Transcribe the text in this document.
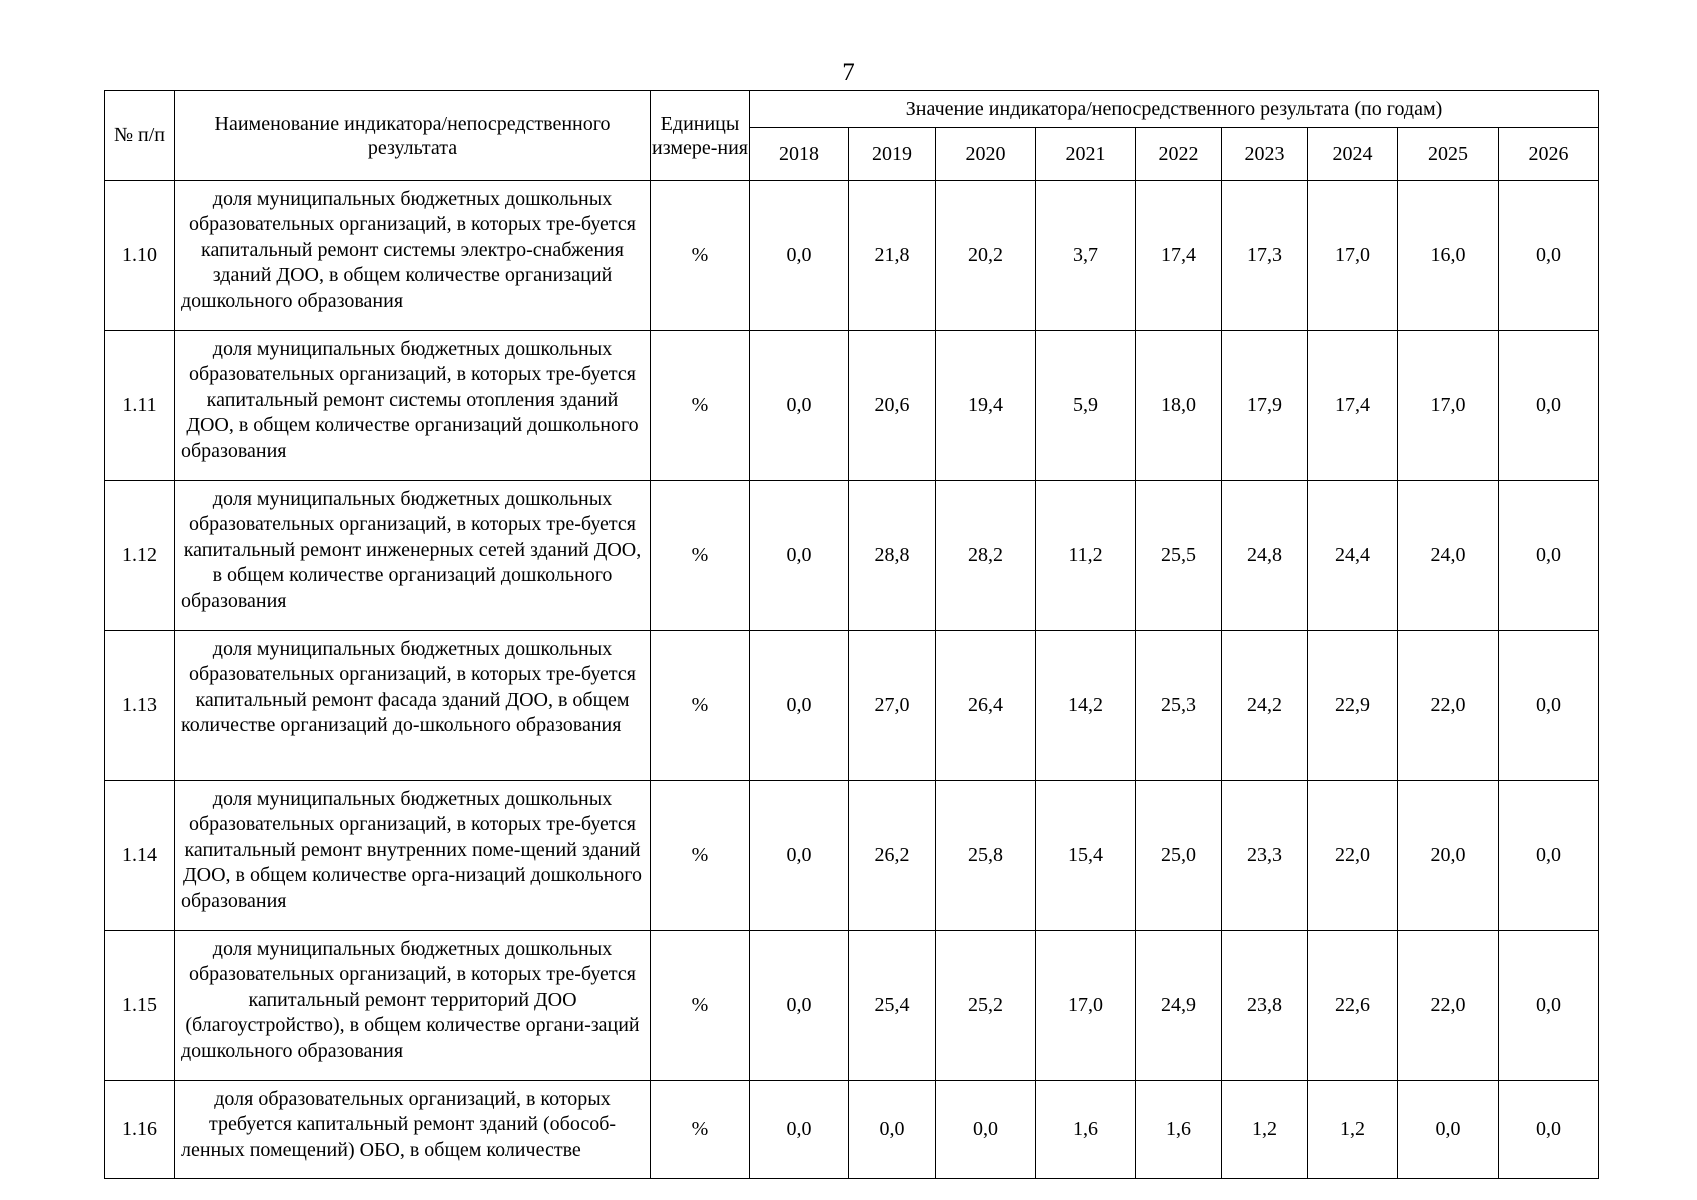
7
№ п/п	Наименование индикатора/непосредственного результата	Единицы измере-ния	Значение индикатора/непосредственного результата (по годам)								
			2018	2019	2020	2021	2022	2023	2024	2025	2026
1.10	доля муниципальных бюджетных дошкольных образовательных организаций, в которых тре-буется капитальный ремонт системы электро-снабжения зданий ДОО, в общем количестве организаций дошкольного образования	%	0,0	21,8	20,2	3,7	17,4	17,3	17,0	16,0	0,0
1.11	доля муниципальных бюджетных дошкольных образовательных организаций, в которых тре-буется капитальный ремонт системы отопления зданий ДОО, в общем количестве организаций дошкольного образования	%	0,0	20,6	19,4	5,9	18,0	17,9	17,4	17,0	0,0
1.12	доля муниципальных бюджетных дошкольных образовательных организаций, в которых тре-буется капитальный ремонт инженерных сетей зданий ДОО, в общем количестве организаций дошкольного образования	%	0,0	28,8	28,2	11,2	25,5	24,8	24,4	24,0	0,0
1.13	доля муниципальных бюджетных дошкольных образовательных организаций, в которых тре-буется капитальный ремонт фасада зданий ДОО, в общем количестве организаций до-школьного образования	%	0,0	27,0	26,4	14,2	25,3	24,2	22,9	22,0	0,0
1.14	доля муниципальных бюджетных дошкольных образовательных организаций, в которых тре-буется капитальный ремонт внутренних поме-щений зданий ДОО, в общем количестве орга-низаций дошкольного образования	%	0,0	26,2	25,8	15,4	25,0	23,3	22,0	20,0	0,0
1.15	доля муниципальных бюджетных дошкольных образовательных организаций, в которых тре-буется капитальный ремонт территорий ДОО (благоустройство), в общем количестве органи-заций дошкольного образования	%	0,0	25,4	25,2	17,0	24,9	23,8	22,6	22,0	0,0
1.16	доля образовательных организаций, в которых требуется капитальный ремонт зданий (обособ-ленных помещений) ОБО, в общем количестве	%	0,0	0,0	0,0	1,6	1,6	1,2	1,2	0,0	0,0
